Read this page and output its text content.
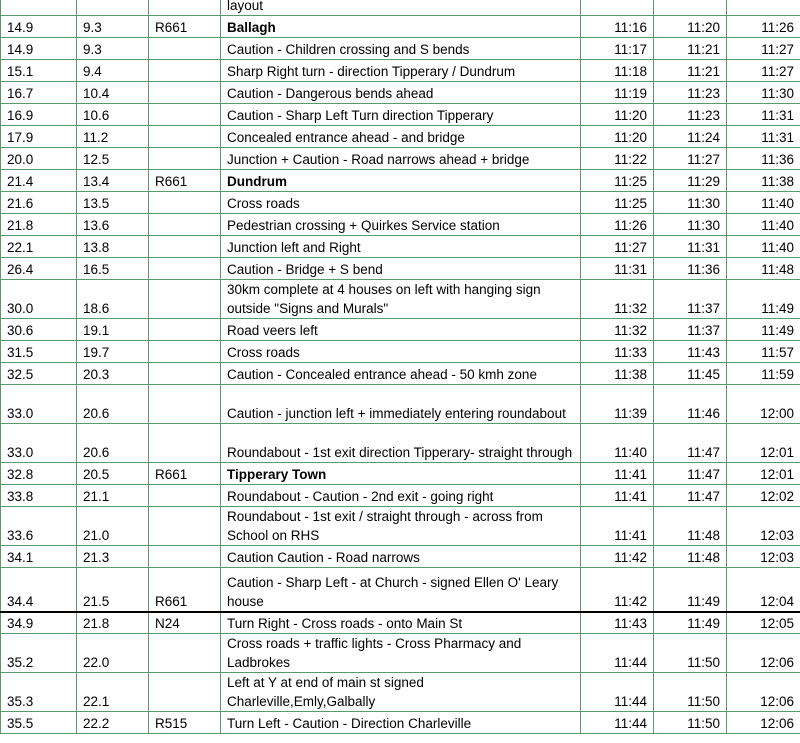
			layout			
14.9	9.3	R661	Ballagh	11:16	11:20	11:26
14.9	9.3		Caution - Children crossing and S bends	11:17	11:21	11:27
15.1	9.4		Sharp Right turn - direction Tipperary / Dundrum	11:18	11:21	11:27
16.7	10.4		Caution - Dangerous bends ahead	11:19	11:23	11:30
16.9	10.6		Caution - Sharp Left Turn direction Tipperary	11:20	11:23	11:31
17.9	11.2		Concealed entrance ahead - and bridge	11:20	11:24	11:31
20.0	12.5		Junction + Caution - Road narrows ahead + bridge	11:22	11:27	11:36
21.4	13.4	R661	Dundrum	11:25	11:29	11:38
21.6	13.5		Cross roads	11:25	11:30	11:40
21.8	13.6		Pedestrian crossing + Quirkes Service station	11:26	11:30	11:40
22.1	13.8		Junction left and Right	11:27	11:31	11:40
26.4	16.5		Caution - Bridge + S bend	11:31	11:36	11:48
30.0	18.6		30km complete at 4 houses on left with hanging sign outside "Signs and Murals"	11:32	11:37	11:49
30.6	19.1		Road veers left	11:32	11:37	11:49
31.5	19.7		Cross roads	11:33	11:43	11:57
32.5	20.3		Caution - Concealed entrance ahead - 50 kmh zone	11:38	11:45	11:59
33.0	20.6		Caution - junction left + immediately entering roundabout	11:39	11:46	12:00
33.0	20.6		Roundabout - 1st exit direction Tipperary- straight through	11:40	11:47	12:01
32.8	20.5	R661	Tipperary Town	11:41	11:47	12:01
33.8	21.1		Roundabout - Caution - 2nd exit - going right	11:41	11:47	12:02
33.6	21.0		Roundabout - 1st exit / straight through - across from School on RHS	11:41	11:48	12:03
34.1	21.3		Caution Caution - Road narrows	11:42	11:48	12:03
34.4	21.5	R661	Caution - Sharp Left - at Church - signed Ellen O' Leary house	11:42	11:49	12:04
34.9	21.8	N24	Turn Right - Cross roads - onto Main St	11:43	11:49	12:05
35.2	22.0		Cross roads + traffic lights - Cross Pharmacy and Ladbrokes	11:44	11:50	12:06
35.3	22.1		Left at Y at end of main st signed Charleville,Emly,Galbally	11:44	11:50	12:06
35.5	22.2	R515	Turn Left - Caution - Direction Charleville	11:44	11:50	12:06
